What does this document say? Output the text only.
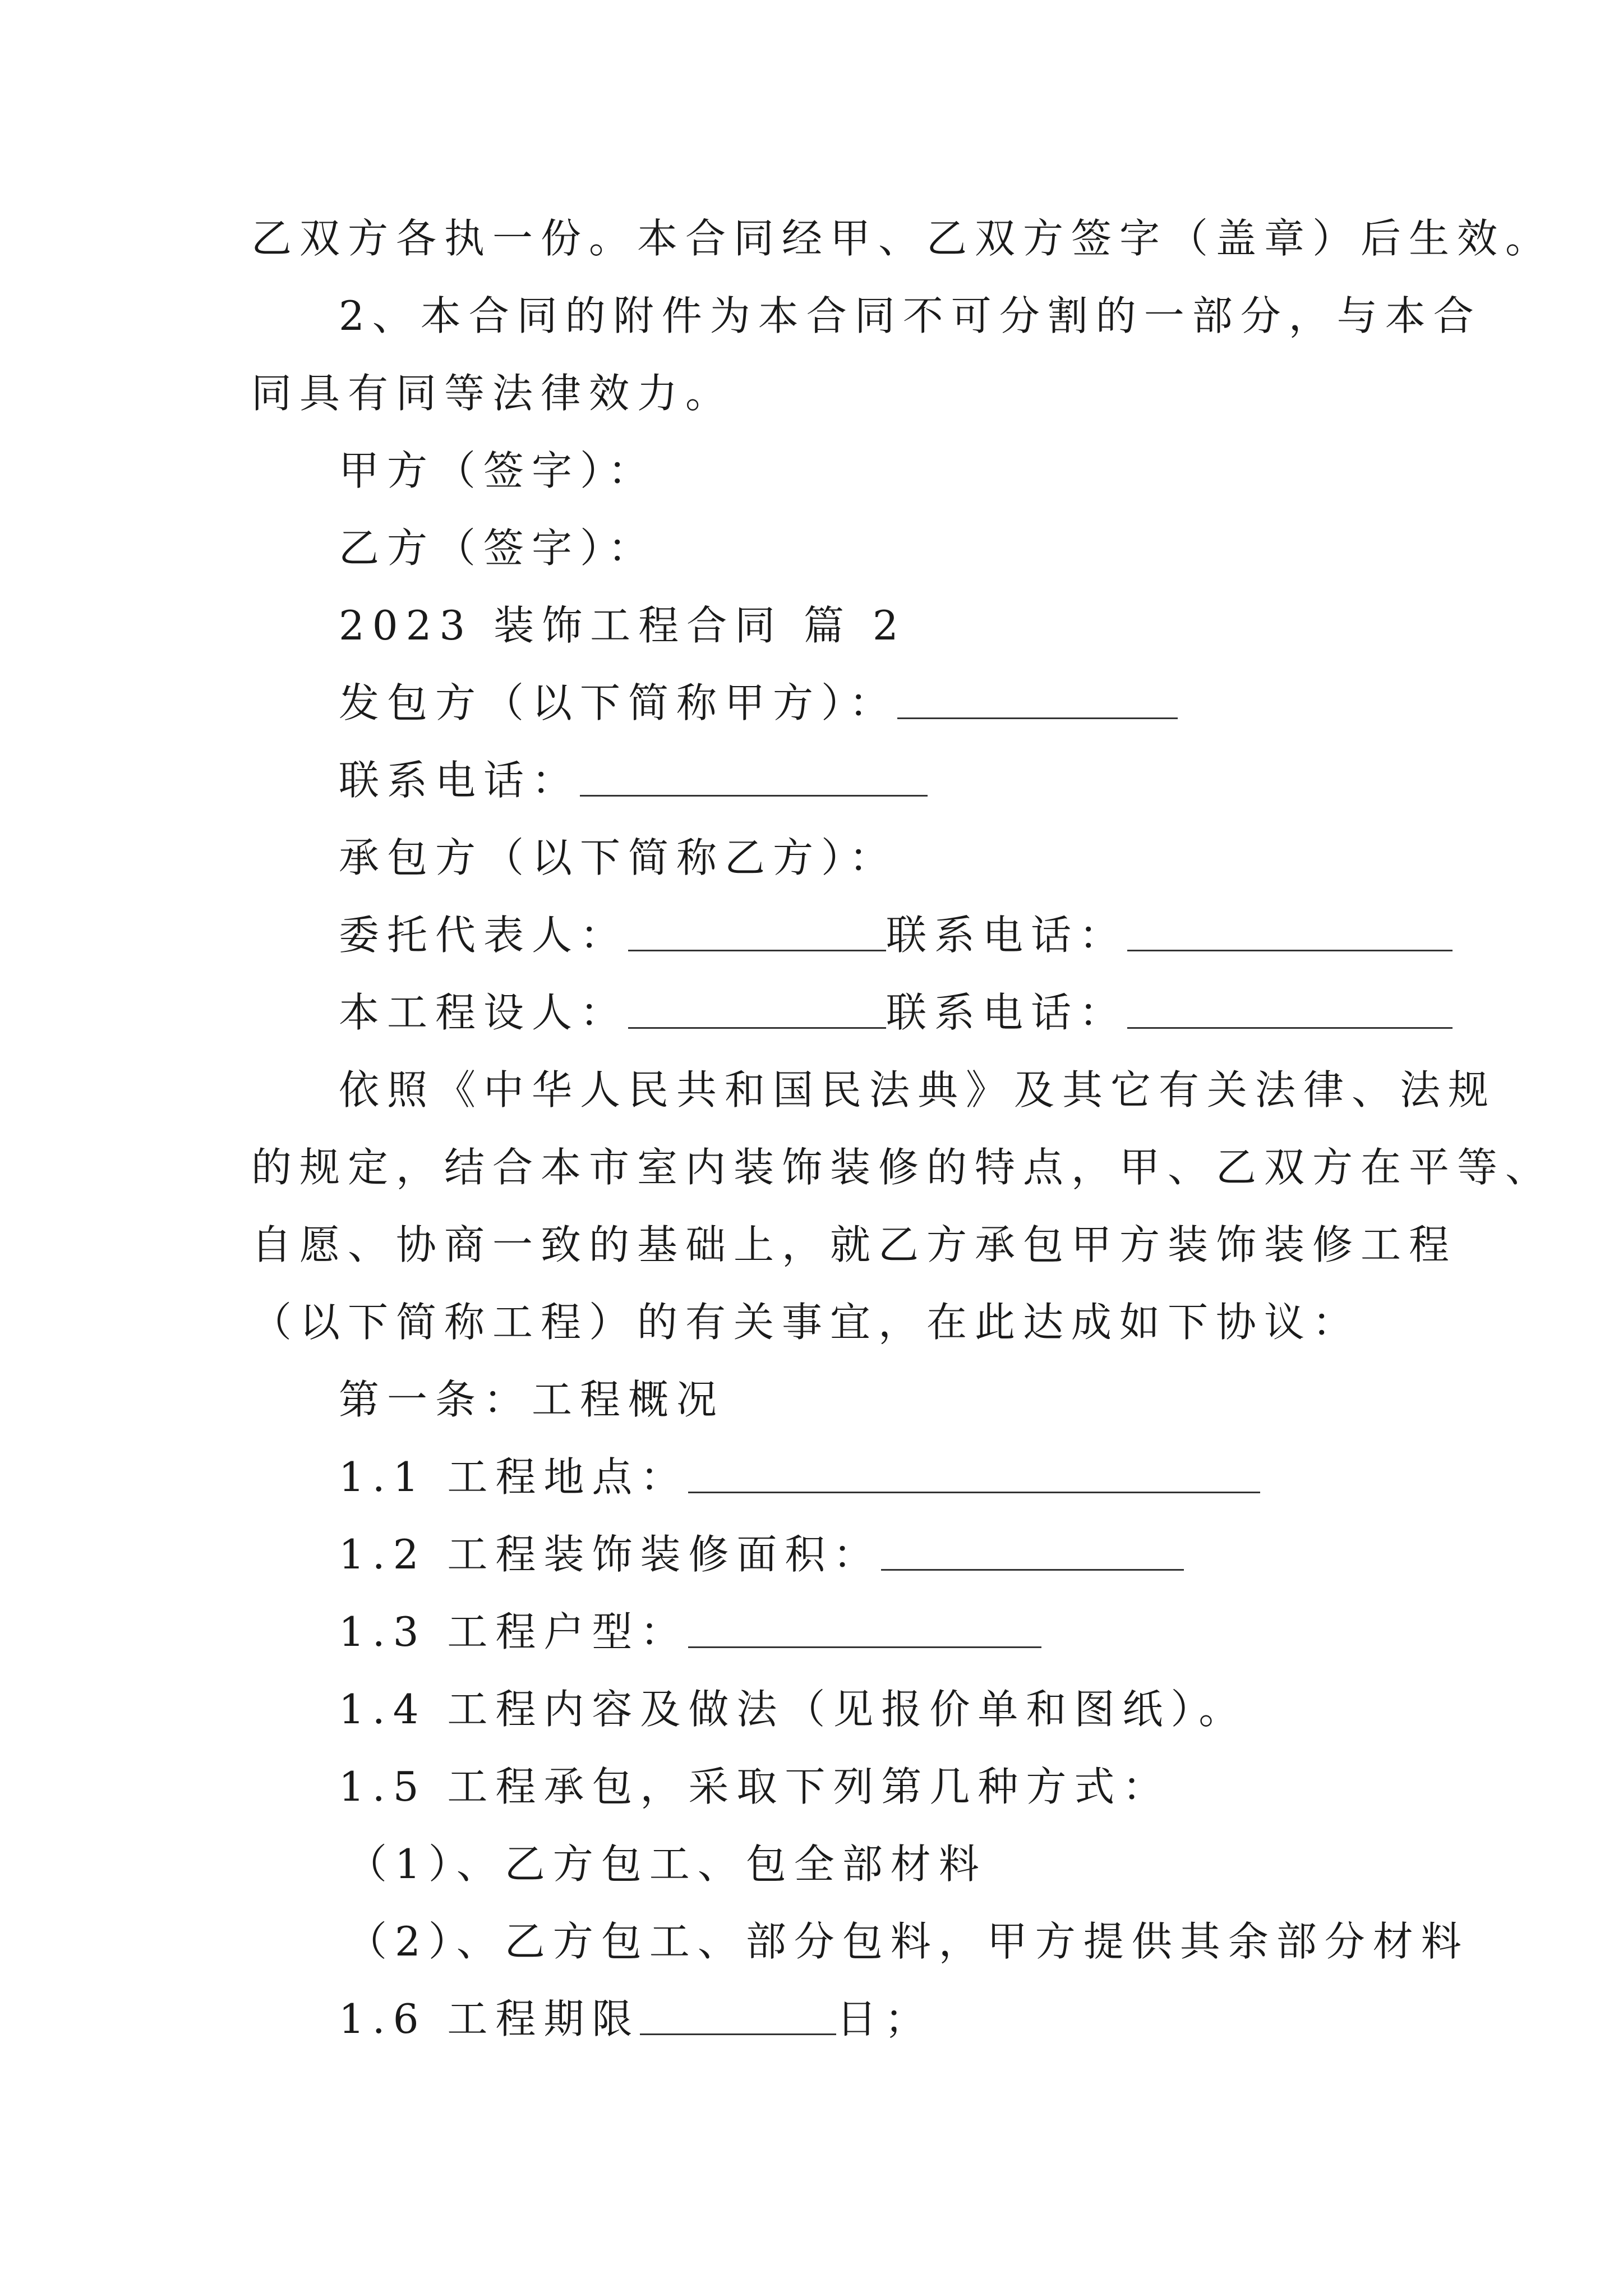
乙双方各执一份。本合同经甲、乙双方签字（盖章）后生效。
2、本合同的附件为本合同不可分割的一部分，与本合
同具有同等法律效力。
甲方（签字）：
乙方（签字）：
2023 装饰工程合同 篇 2
发包方（以下简称甲方）：
联系电话：
承包方（以下简称乙方）：
委托代表人：	联系电话：
本工程设人：	联系电话：
依照《中华人民共和国民法典》及其它有关法律、法规
的规定，结合本市室内装饰装修的特点，甲、乙双方在平等、
自愿、协商一致的基础上，就乙方承包甲方装饰装修工程
（以下简称工程）的有关事宜，在此达成如下协议：
第一条：工程概况
1.1 工程地点：
1.2 工程装饰装修面积：
1.3 工程户型：
1.4 工程内容及做法（见报价单和图纸）。
1.5 工程承包，采取下列第几种方式：
（1）、乙方包工、包全部材料
（2）、乙方包工、部分包料，甲方提供其余部分材料
1.6 工程期限	日；
